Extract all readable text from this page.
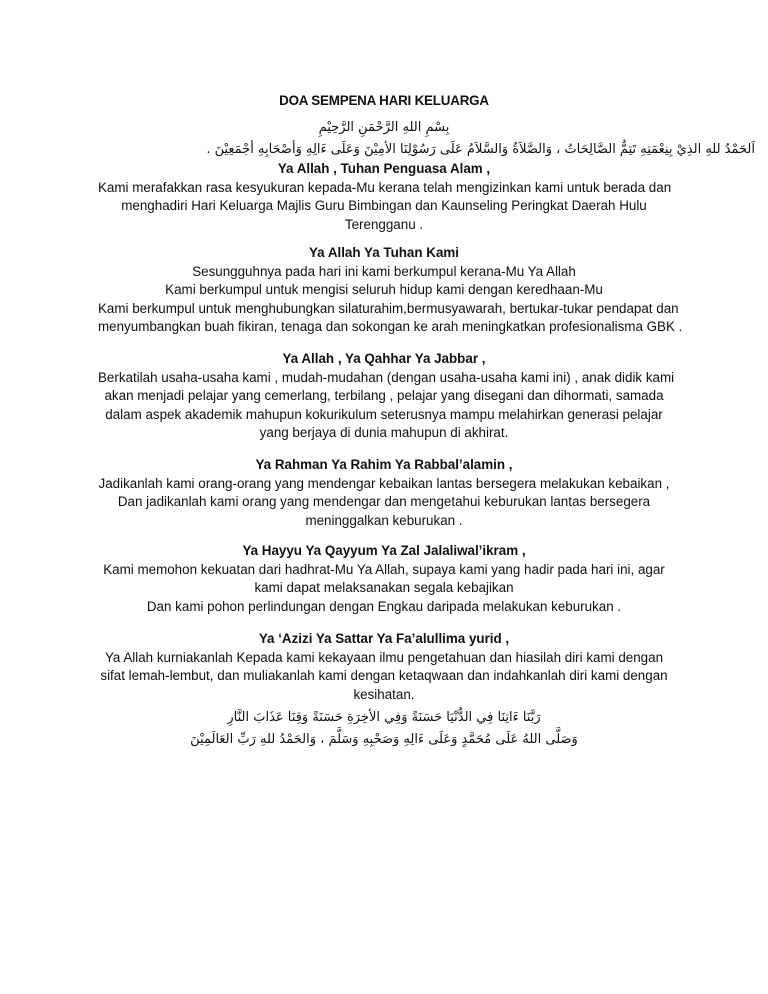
DOA SEMPENA HARI KELUARGA
بِسْمِ اللهِ الرَّحْمَنِ الرَّحِيْمِ
اَلحَمْدُ للهِ الذِيْ بِنِعْمَتِهِ تَتِمُّ الصَّالِحَاتُ ، وَالصَّلاَةُ وَالسَّلاَمُ عَلَى رَسُوْلِنَا الأمِيْنَ وَعَلَى ءَالِهِ وَأصْحَابِهِ أجْمَعِيْنَ .
Ya Allah , Tuhan Penguasa Alam ,
Kami merafakkan rasa kesyukuran kepada-Mu kerana telah mengizinkan kami untuk berada dan
menghadiri Hari Keluarga Majlis Guru Bimbingan dan Kaunseling Peringkat Daerah Hulu
Terengganu .
Ya Allah Ya Tuhan Kami
Sesungguhnya pada hari ini kami berkumpul kerana-Mu Ya Allah
Kami berkumpul untuk mengisi seluruh hidup kami dengan keredhaan-Mu
Kami berkumpul untuk menghubungkan silaturahim,bermusyawarah, bertukar-tukar pendapat dan
menyumbangkan buah fikiran, tenaga dan sokongan ke arah meningkatkan profesionalisma GBK .
Ya Allah , Ya Qahhar Ya Jabbar ,
Berkatilah usaha-usaha kami , mudah-mudahan (dengan usaha-usaha kami ini) , anak didik kami
akan menjadi pelajar yang cemerlang, terbilang , pelajar yang disegani dan dihormati, samada
dalam aspek akademik mahupun kokurikulum seterusnya mampu melahirkan generasi pelajar
yang berjaya di dunia mahupun di akhirat.
Ya Rahman Ya Rahim Ya Rabbal’alamin ,
Jadikanlah kami orang-orang yang mendengar kebaikan lantas bersegera melakukan kebaikan ,
Dan jadikanlah kami orang yang mendengar dan mengetahui keburukan lantas bersegera
meninggalkan keburukan .
Ya Hayyu Ya Qayyum Ya Zal Jalaliwal’ikram ,
Kami memohon kekuatan dari hadhrat-Mu Ya Allah, supaya kami yang hadir pada hari ini, agar
kami dapat melaksanakan segala kebajikan
Dan kami pohon perlindungan dengan Engkau daripada melakukan keburukan .
Ya ‘Azizi Ya Sattar Ya Fa’alullima yurid ,
Ya Allah kurniakanlah Kepada kami kekayaan ilmu pengetahuan dan hiasilah diri kami dengan
sifat lemah-lembut, dan muliakanlah kami dengan ketaqwaan dan indahkanlah diri kami dengan
kesihatan.
رَبَّنَا ءَاتِنَا فِي الدُّنْيَا حَسَنَةً وَفِي الأخِرَةِ حَسَنَةً وَقِنَا عَذَابَ النَّارِ
وَصَلَّى اللهُ عَلَى مُحَمَّدٍ وَعَلَى ءَالِهِ وَصَحْبِهِ وَسَلَّمَ ، وَالحَمْدُ للهِ رَبِّ العَالَمِيْنَ
